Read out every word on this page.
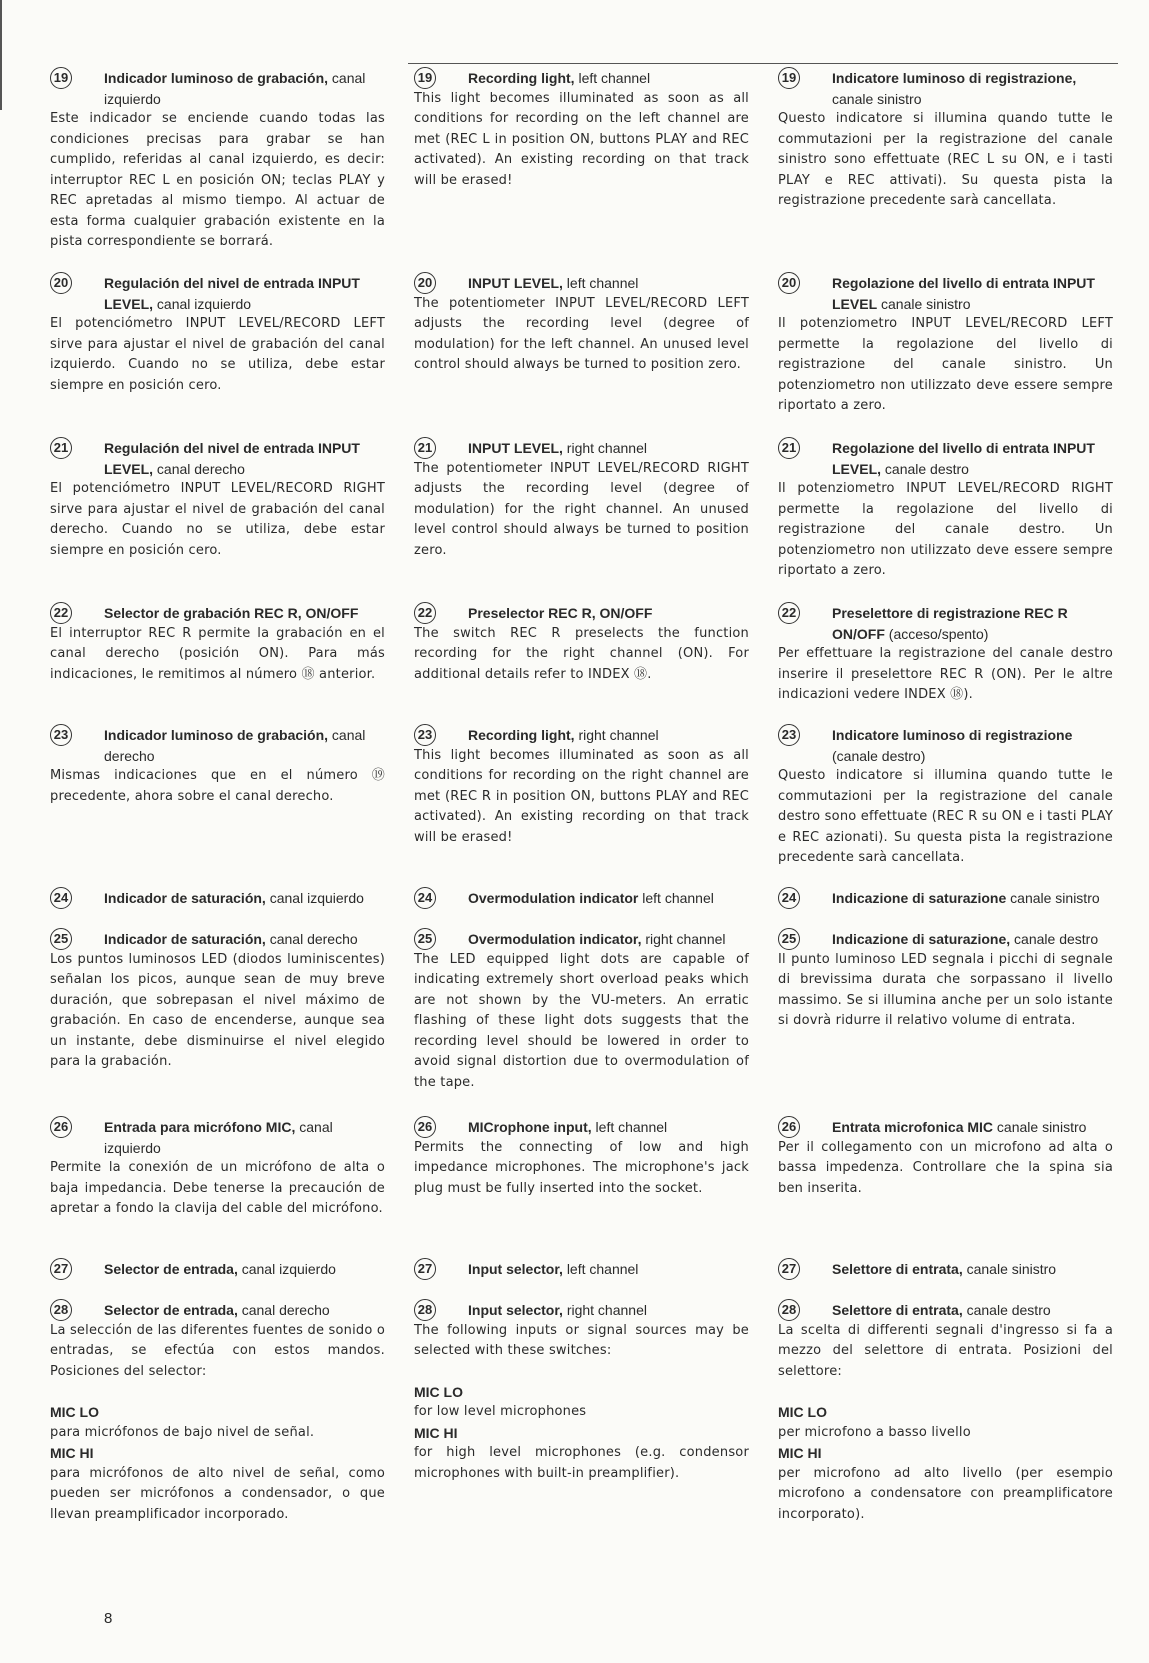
19	Indicador luminoso de grabación, canal izquierdo
Este indicador se enciende cuando todas las condiciones precisas para grabar se han cumplido, referidas al canal izquierdo, es decir: interruptor REC L en posición ON; teclas PLAY y REC apretadas al mismo tiempo. Al actuar de esta forma cualquier grabación existente en la pista correspondiente se borrará.
20	Regulación del nivel de entrada INPUT LEVEL, canal izquierdo
El potenciómetro INPUT LEVEL/RECORD LEFT sirve para ajustar el nivel de grabación del canal izquierdo. Cuando no se utiliza, debe estar siempre en posición cero.
21	Regulación del nivel de entrada INPUT LEVEL, canal derecho
El potenciómetro INPUT LEVEL/RECORD RIGHT sirve para ajustar el nivel de grabación del canal derecho. Cuando no se utiliza, debe estar siempre en posición cero.
22	Selector de grabación REC R, ON/OFF
El interruptor REC R permite la grabación en el canal derecho (posición ON). Para más indicaciones, le remitimos al número ⑱ anterior.
23	Indicador luminoso de grabación, canal derecho
Mismas indicaciones que en el número ⑲ precedente, ahora sobre el canal derecho.
24	Indicador de saturación, canal izquierdo
25	Indicador de saturación, canal derecho
Los puntos luminosos LED (diodos luminiscentes) señalan los picos, aunque sean de muy breve duración, que sobrepasan el nivel máximo de grabación. En caso de encenderse, aunque sea un instante, debe disminuirse el nivel elegido para la grabación.
26	Entrada para micrófono MIC, canal izquierdo
Permite la conexión de un micrófono de alta o baja impedancia. Debe tenerse la precaución de apretar a fondo la clavija del cable del micrófono.
27	Selector de entrada, canal izquierdo
28	Selector de entrada, canal derecho
La selección de las diferentes fuentes de sonido o entradas, se efectúa con estos mandos. Posiciones del selector:
MIC LO
para micrófonos de bajo nivel de señal.
MIC HI
para micrófonos de alto nivel de señal, como pueden ser micrófonos a condensador, o que llevan preamplificador incorporado.
19	Recording light, left channel
This light becomes illuminated as soon as all conditions for recording on the left channel are met (REC L in position ON, buttons PLAY and REC activated). An existing recording on that track will be erased!
20	INPUT LEVEL, left channel
The potentiometer INPUT LEVEL/RECORD LEFT adjusts the recording level (degree of modulation) for the left channel. An unused level control should always be turned to position zero.
21	INPUT LEVEL, right channel
The potentiometer INPUT LEVEL/RECORD RIGHT adjusts the recording level (degree of modulation) for the right channel. An unused level control should always be turned to position zero.
22	Preselector REC R, ON/OFF
The switch REC R preselects the function recording for the right channel (ON). For additional details refer to INDEX ⑱.
23	Recording light, right channel
This light becomes illuminated as soon as all conditions for recording on the right channel are met (REC R in position ON, buttons PLAY and REC activated). An existing recording on that track will be erased!
24	Overmodulation indicator left channel
25	Overmodulation indicator, right channel
The LED equipped light dots are capable of indicating extremely short overload peaks which are not shown by the VU-meters. An erratic flashing of these light dots suggests that the recording level should be lowered in order to avoid signal distortion due to overmodulation of the tape.
26	MICrophone input, left channel
Permits the connecting of low and high impedance microphones. The microphone's jack plug must be fully inserted into the socket.
27	Input selector, left channel
28	Input selector, right channel
The following inputs or signal sources may be selected with these switches:
MIC LO
for low level microphones
MIC HI
for high level microphones (e.g. condensor microphones with built-in preamplifier).
19	Indicatore luminoso di registrazione, canale sinistro
Questo indicatore si illumina quando tutte le commutazioni per la registrazione del canale sinistro sono effettuate (REC L su ON, e i tasti PLAY e REC attivati). Su questa pista la registrazione precedente sarà cancellata.
20	Regolazione del livello di entrata INPUT LEVEL canale sinistro
Il potenziometro INPUT LEVEL/RECORD LEFT permette la regolazione del livello di registrazione del canale sinistro. Un potenziometro non utilizzato deve essere sempre riportato a zero.
21	Regolazione del livello di entrata INPUT LEVEL, canale destro
Il potenziometro INPUT LEVEL/RECORD RIGHT permette la regolazione del livello di registrazione del canale destro. Un potenziometro non utilizzato deve essere sempre riportato a zero.
22	Preselettore di registrazione REC R ON/OFF (acceso/spento)
Per effettuare la registrazione del canale destro inserire il preselettore REC R (ON). Per le altre indicazioni vedere INDEX ⑱).
23	Indicatore luminoso di registrazione (canale destro)
Questo indicatore si illumina quando tutte le commutazioni per la registrazione del canale destro sono effettuate (REC R su ON e i tasti PLAY e REC azionati). Su questa pista la registrazione precedente sarà cancellata.
24	Indicazione di saturazione canale sinistro
25	Indicazione di saturazione, canale destro
Il punto luminoso LED segnala i picchi di segnale di brevissima durata che sorpassano il livello massimo. Se si illumina anche per un solo istante si dovrà ridurre il relativo volume di entrata.
26	Entrata microfonica MIC canale sinistro
Per il collegamento con un microfono ad alta o bassa impedenza. Controllare che la spina sia ben inserita.
27	Selettore di entrata, canale sinistro
28	Selettore di entrata, canale destro
La scelta di differenti segnali d'ingresso si fa a mezzo del selettore di entrata. Posizioni del selettore:
MIC LO
per microfono a basso livello
MIC HI
per microfono ad alto livello (per esempio microfono a condensatore con preamplificatore incorporato).
8
